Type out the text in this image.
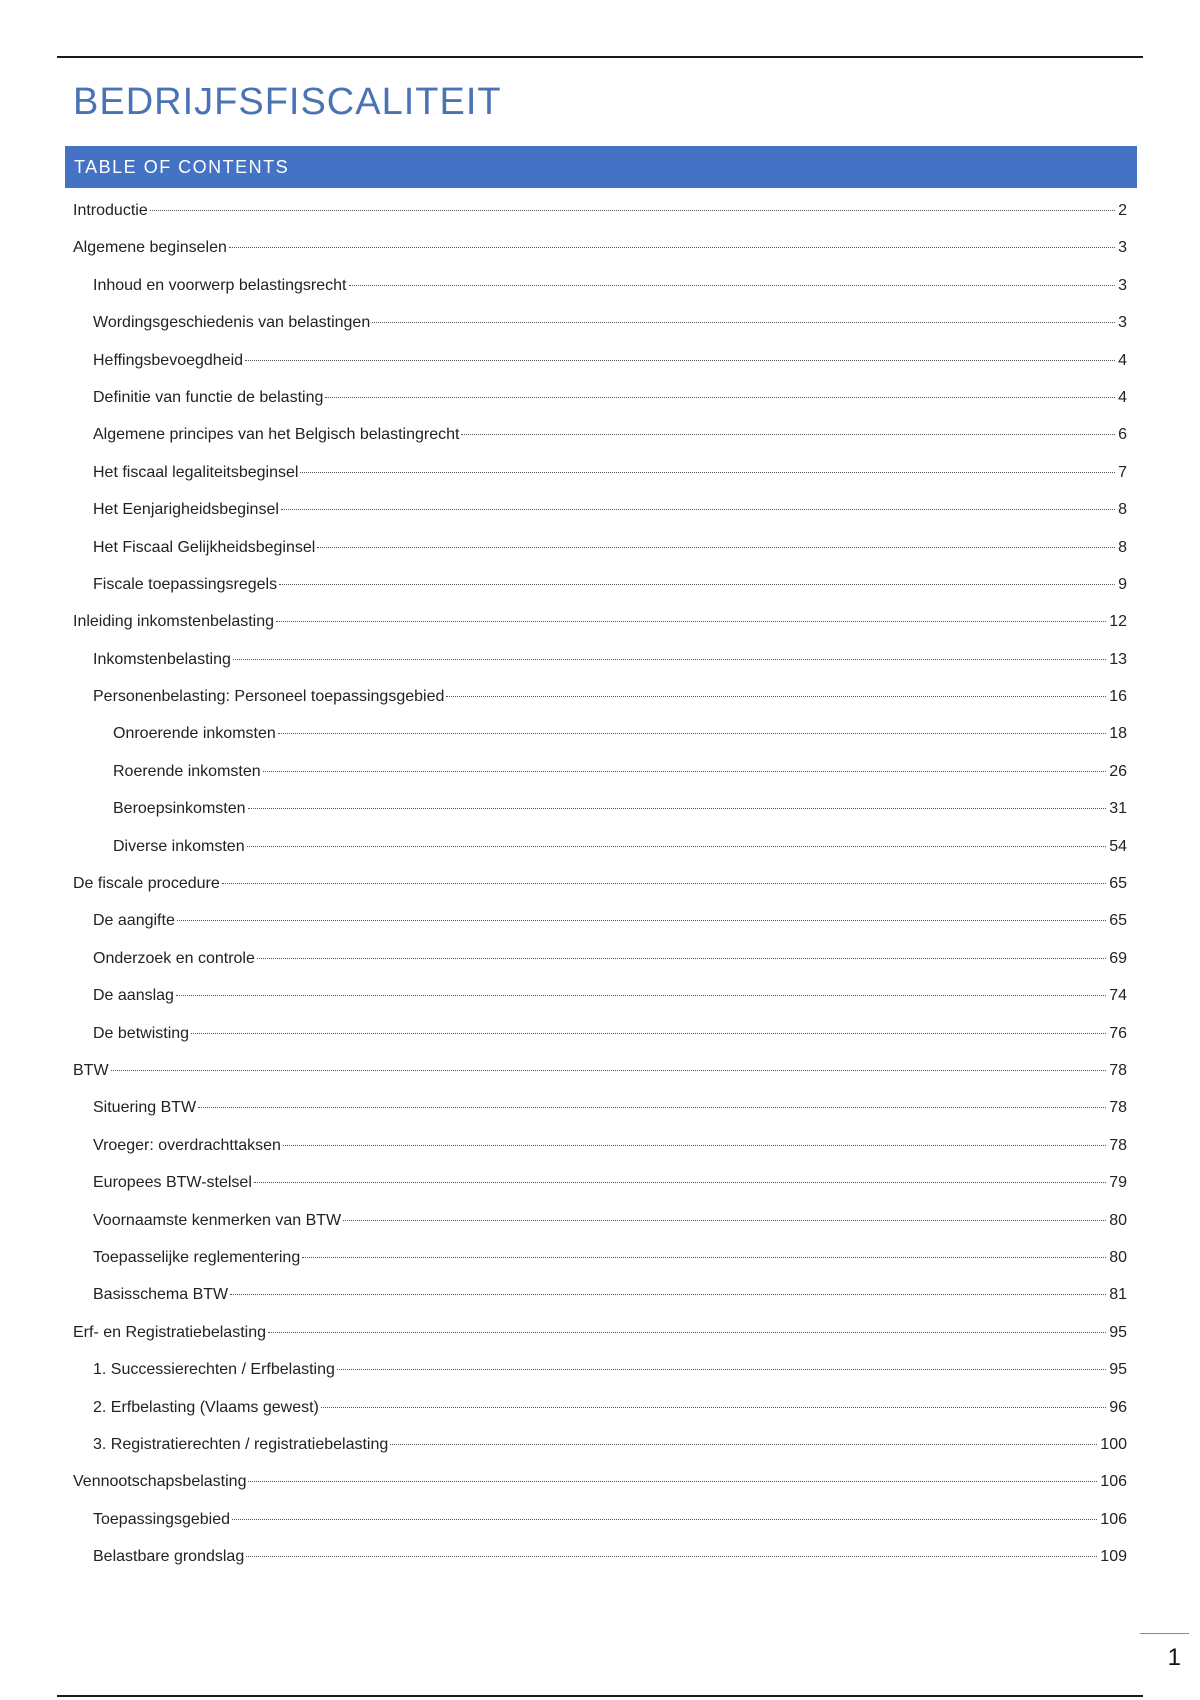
BEDRIJFSFISCALITEIT
TABLE OF CONTENTS
Introductie	2
Algemene beginselen	3
Inhoud en voorwerp belastingsrecht	3
Wordingsgeschiedenis van belastingen	3
Heffingsbevoegdheid	4
Definitie van functie de belasting	4
Algemene principes van het Belgisch belastingrecht	6
Het fiscaal legaliteitsbeginsel	7
Het Eenjarigheidsbeginsel	8
Het Fiscaal Gelijkheidsbeginsel	8
Fiscale toepassingsregels	9
Inleiding inkomstenbelasting	12
Inkomstenbelasting	13
Personenbelasting: Personeel toepassingsgebied	16
Onroerende inkomsten	18
Roerende inkomsten	26
Beroepsinkomsten	31
Diverse inkomsten	54
De fiscale procedure	65
De aangifte	65
Onderzoek en controle	69
De aanslag	74
De betwisting	76
BTW	78
Situering BTW	78
Vroeger: overdrachttaksen	78
Europees BTW-stelsel	79
Voornaamste kenmerken van BTW	80
Toepasselijke reglementering	80
Basisschema BTW	81
Erf- en Registratiebelasting	95
1. Successierechten / Erfbelasting	95
2. Erfbelasting (Vlaams gewest)	96
3. Registratierechten / registratiebelasting	100
Vennootschapsbelasting	106
Toepassingsgebied	106
Belastbare grondslag	109
1
